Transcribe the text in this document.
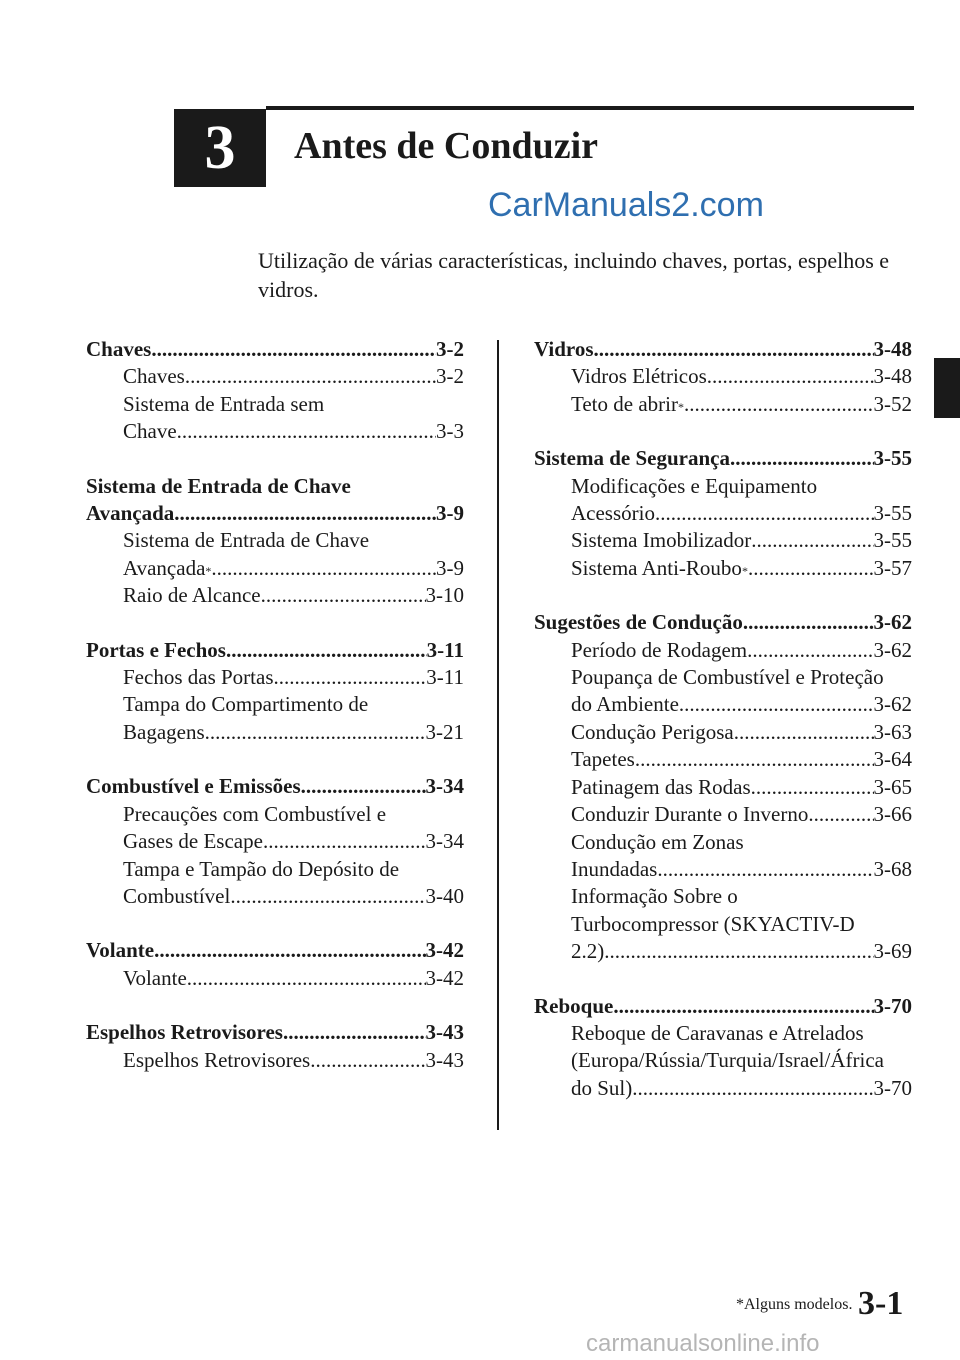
3 Antes de Conduzir
CarManuals2.com
Utilização de várias características, incluindo chaves, portas, espelhos e vidros.
Chaves .....	3-2
Chaves .....	3-2
Sistema de Entrada sem
Chave .....	3-3
Sistema de Entrada de Chave
Avançada .....	3-9
Sistema de Entrada de Chave
Avançada * .....	3-9
Raio de Alcance .....	3-10
Portas e Fechos .....	3-11
Fechos das Portas .....	3-11
Tampa do Compartimento de
Bagagens .....	3-21
Combustível e Emissões .....	3-34
Precauções com Combustível e
Gases de Escape .....	3-34
Tampa e Tampão do Depósito de
Combustível .....	3-40
Volante .....	3-42
Volante .....	3-42
Espelhos Retrovisores .....	3-43
Espelhos Retrovisores .....	3-43
Vidros .....	3-48
Vidros Elétricos .....	3-48
Teto de abrir * .....	3-52
Sistema de Segurança .....	3-55
Modificações e Equipamento
Acessório .....	3-55
Sistema Imobilizador .....	3-55
Sistema Anti-Roubo * .....	3-57
Sugestões de Condução .....	3-62
Período de Rodagem .....	3-62
Poupança de Combustível e Proteção
do Ambiente .....	3-62
Condução Perigosa .....	3-63
Tapetes .....	3-64
Patinagem das Rodas .....	3-65
Conduzir Durante o Inverno .....	3-66
Condução em Zonas
Inundadas .....	3-68
Informação Sobre o
Turbocompressor (SKYACTIV-D
2.2) .....	3-69
Reboque .....	3-70
Reboque de Caravanas e Atrelados
(Europa/Rússia/Turquia/Israel/África
do Sul) .....	3-70
*Alguns modelos. 3-1
carmanualsonline.info
